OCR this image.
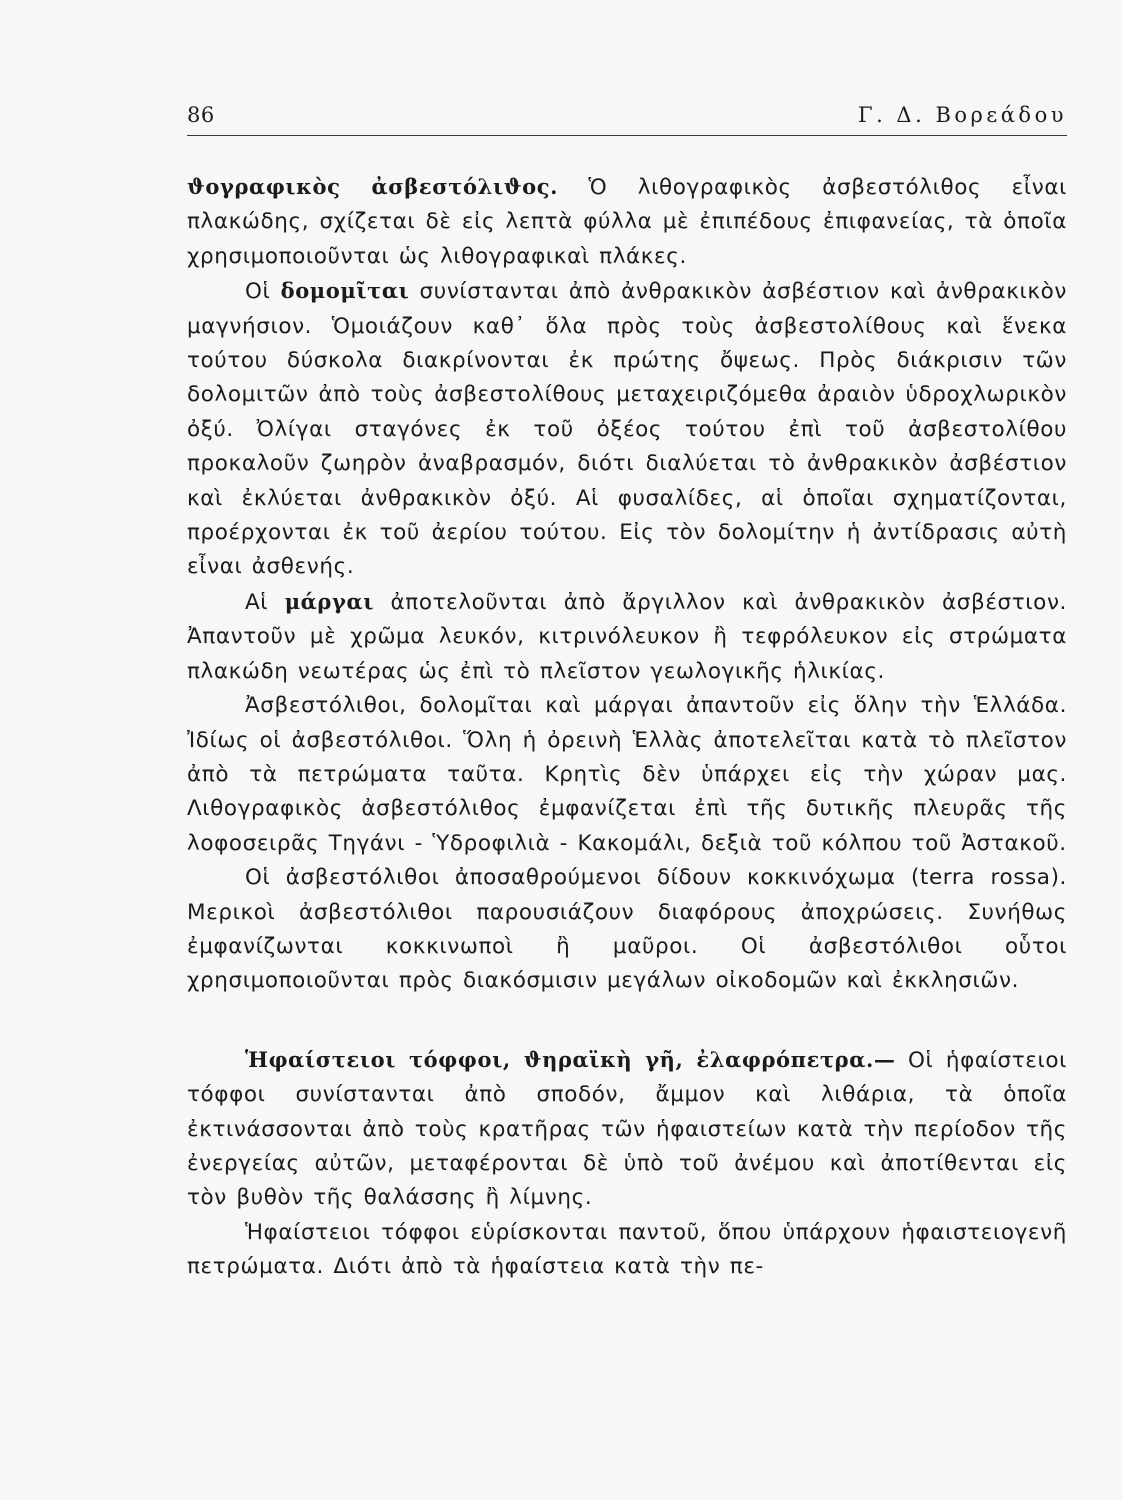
86	Γ. Δ. Βορεάδου

ϑογραφικὸς ἀσβεστόλιϑος. Ὁ λιθογραφικὸς ἀσβεστόλιθος εἶναι πλακώδης, σχίζεται δὲ εἰς λεπτὰ φύλλα μὲ ἐπιπέδους ἐπιφανείας, τὰ ὁποῖα χρησιμοποιοῦνται ὡς λιθογραφικαὶ πλάκες.

Οἱ δομομῖται συνίστανται ἀπὸ ἀνθρακικὸν ἀσβέστιον καὶ ἀνθρακικὸν μαγνήσιον. Ὁμοιάζουν καθ᾽ ὅλα πρὸς τοὺς ἀσβεστολίθους καὶ ἕνεκα τούτου δύσκολα διακρίνονται ἐκ πρώτης ὄψεως. Πρὸς διάκρισιν τῶν δολομιτῶν ἀπὸ τοὺς ἀσβεστολίθους μεταχειριζόμεθα ἀραιὸν ὑδροχλωρικὸν ὀξύ. Ὀλίγαι σταγόνες ἐκ τοῦ ὀξέος τούτου ἐπὶ τοῦ ἀσβεστολίθου προκαλοῦν ζωηρὸν ἀναβρασμόν, διότι διαλύεται τὸ ἀνθρακικὸν ἀσβέστιον καὶ ἐκλύεται ἀνθρακικὸν ὀξύ. Αἱ φυσαλίδες, αἱ ὁποῖαι σχηματίζονται, προέρχονται ἐκ τοῦ ἀερίου τούτου. Εἰς τὸν δολομίτην ἡ ἀντίδρασις αὐτὴ εἶναι ἀσθενής.

Αἱ μάργαι ἀποτελοῦνται ἀπὸ ἄργιλλον καὶ ἀνθρακικὸν ἀσβέστιον. Ἀπαντοῦν μὲ χρῶμα λευκόν, κιτρινόλευκον ἢ τεφρόλευκον εἰς στρώματα πλακώδη νεωτέρας ὡς ἐπὶ τὸ πλεῖστον γεωλογικῆς ἡλικίας.

Ἀσβεστόλιθοι, δολομῖται καὶ μάργαι ἀπαντοῦν εἰς ὅλην τὴν Ἑλλάδα. Ἰδίως οἱ ἀσβεστόλιθοι. Ὅλη ἡ ὀρεινὴ Ἑλλὰς ἀποτελεῖται κατὰ τὸ πλεῖστον ἀπὸ τὰ πετρώματα ταῦτα. Κρητὶς δὲν ὑπάρχει εἰς τὴν χώραν μας. Λιθογραφικὸς ἀσβεστόλιθος ἐμφανίζεται ἐπὶ τῆς δυτικῆς πλευρᾶς τῆς λοφοσειρᾶς Τηγάνι - Ὑδροφιλιὰ - Κακομάλι, δεξιὰ τοῦ κόλπου τοῦ Ἀστακοῦ.

Οἱ ἀσβεστόλιθοι ἀποσαθρούμενοι δίδουν κοκκινόχωμα (terra rossa). Μερικοὶ ἀσβεστόλιθοι παρουσιάζουν διαφόρους ἀποχρώσεις. Συνήθως ἐμφανίζωνται κοκκινωποὶ ἢ μαῦροι. Οἱ ἀσβεστόλιθοι οὗτοι χρησιμοποιοῦνται πρὸς διακόσμισιν μεγάλων οἰκοδομῶν καὶ ἐκκλησιῶν.

Ἡφαίστειοι τόφφοι, ϑηραϊκὴ γῆ, ἐλαφρόπετρα.— Οἱ ἡφαίστειοι τόφφοι συνίστανται ἀπὸ σποδόν, ἄμμον καὶ λιθάρια, τὰ ὁποῖα ἐκτινάσσονται ἀπὸ τοὺς κρατῆρας τῶν ἡφαιστείων κατὰ τὴν περίοδον τῆς ἐνεργείας αὐτῶν, μεταφέρονται δὲ ὑπὸ τοῦ ἀνέμου καὶ ἀποτίθενται εἰς τὸν βυθὸν τῆς θαλάσσης ἢ λίμνης.

Ἡφαίστειοι τόφφοι εὑρίσκονται παντοῦ, ὅπου ὑπάρχουν ἡφαιστειογενῆ πετρώματα. Διότι ἀπὸ τὰ ἡφαίστεια κατὰ τὴν πε-
